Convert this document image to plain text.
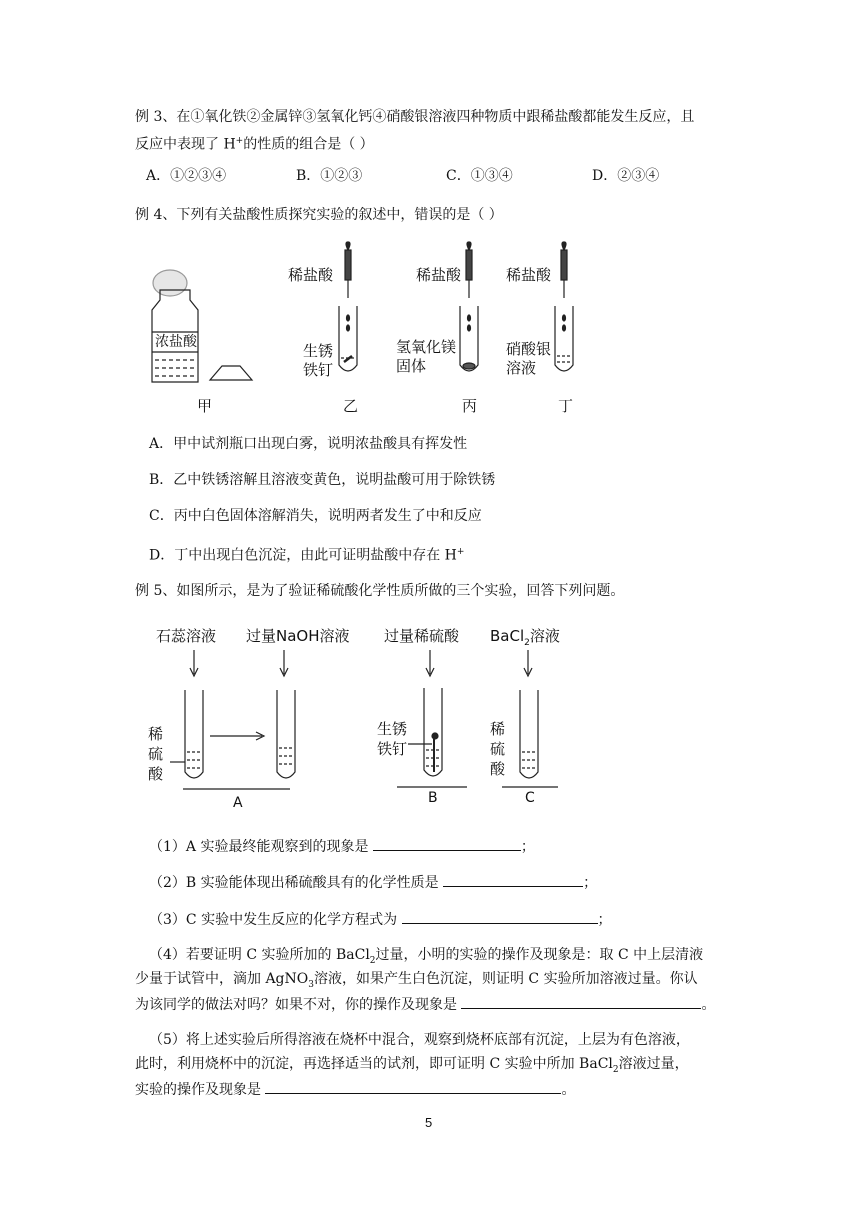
例 3、在①氧化铁②金属锌③氢氧化钙④硝酸银溶液四种物质中跟稀盐酸都能发生反应，且
反应中表现了 H+的性质的组合是（ ）
A．①②③④	B．①②③	C．①③④	D．②③④
例 4、下列有关盐酸性质探究实验的叙述中，错误的是（ ）
浓盐酸
稀盐酸
生锈
铁钉
稀盐酸
氢氧化镁
固体
稀盐酸
硝酸银
溶液
甲	乙	丙	丁
A．甲中试剂瓶口出现白雾，说明浓盐酸具有挥发性
B．乙中铁锈溶解且溶液变黄色，说明盐酸可用于除铁锈
C．丙中白色固体溶解消失，说明两者发生了中和反应
D．丁中出现白色沉淀，由此可证明盐酸中存在 H+
例 5、如图所示，是为了验证稀硫酸化学性质所做的三个实验，回答下列问题。
石蕊溶液 过量NaOH溶液 过量稀硫酸 BaCl$_2$溶液
稀
硫
酸
生锈
铁钉
稀
硫
酸
A	B	C
（1）A 实验最终能观察到的现象是	；
（2）B 实验能体现出稀硫酸具有的化学性质是	；
（3）C 实验中发生反应的化学方程式为	；
（4）若要证明 C 实验所加的 BaCl$_2$过量，小明的实验的操作及现象是：取 C 中上层清液
少量于试管中，滴加 AgNO$_3$溶液，如果产生白色沉淀，则证明 C 实验所加溶液过量。你认
为该同学的做法对吗？如果不对，你的操作及现象是	。
（5）将上述实验后所得溶液在烧杯中混合，观察到烧杯底部有沉淀，上层为有色溶液，
此时，利用烧杯中的沉淀，再选择适当的试剂，即可证明 C 实验中所加 BaCl$_2$溶液过量，
实验的操作及现象是	。
5
